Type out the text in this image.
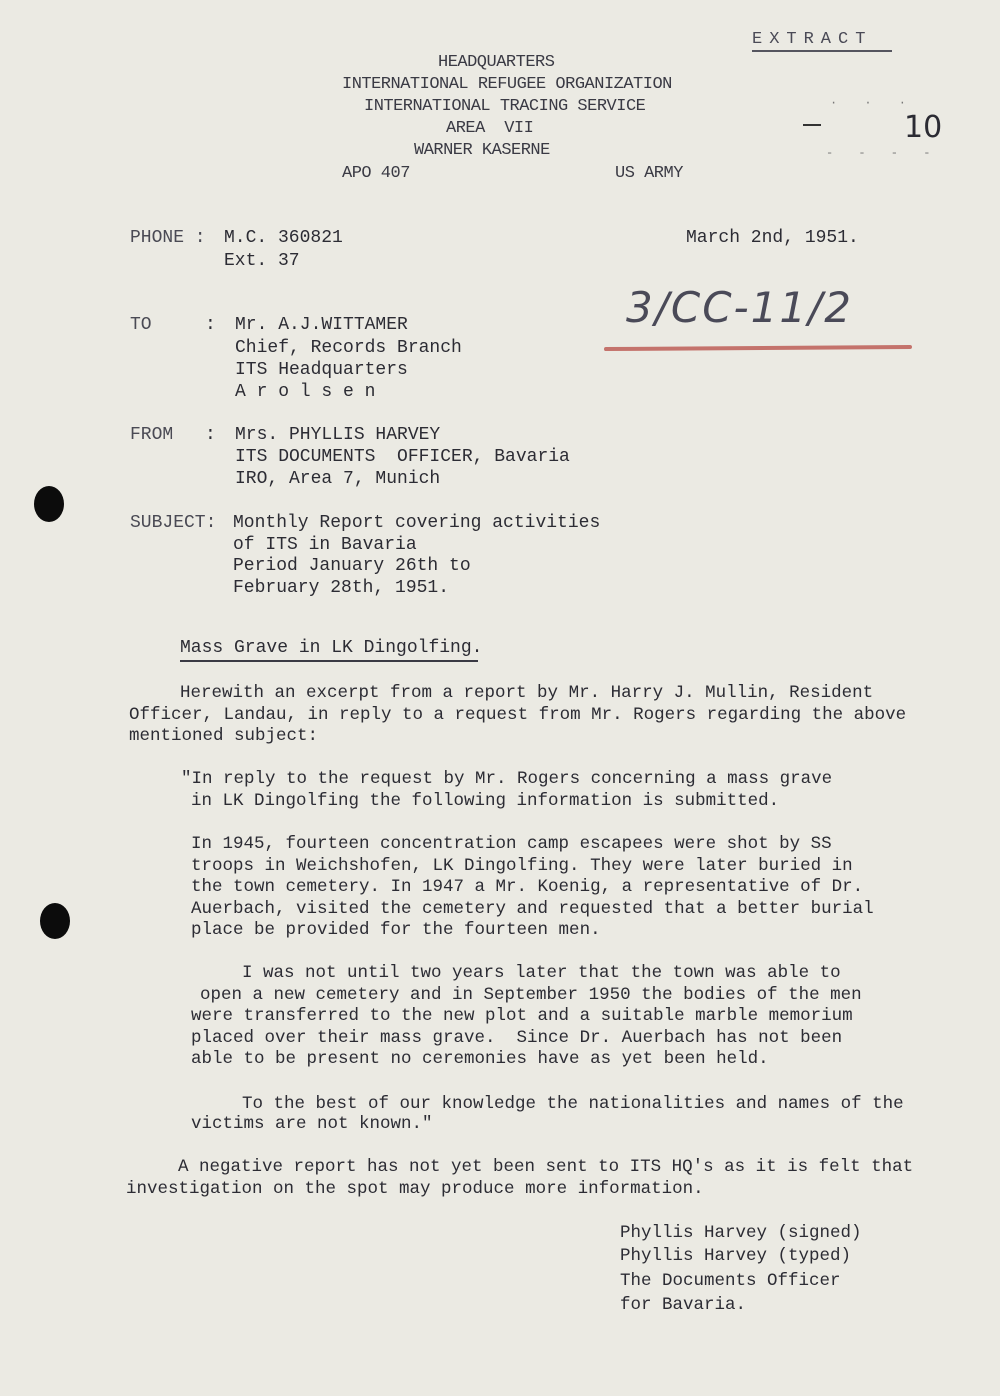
EXTRACT
· · ·
- - - -
10
HEADQUARTERS
INTERNATIONAL REFUGEE ORGANIZATION
INTERNATIONAL TRACING SERVICE
AREA  VII
WARNER KASERNE
APO 407	US ARMY
PHONE : M.C. 360821
Ext. 37
March 2nd, 1951.
3/CC-11/2
TO	: Mr. A.J.WITTAMER
Chief, Records Branch
ITS Headquarters
A r o l s e n
FROM : Mrs. PHYLLIS HARVEY
ITS DOCUMENTS  OFFICER, Bavaria
IRO, Area 7, Munich
SUBJECT: Monthly Report covering activities
of ITS in Bavaria
Period January 26th to
February 28th, 1951.
Mass Grave in LK Dingolfing.
Herewith an excerpt from a report by Mr. Harry J. Mullin, Resident
Officer, Landau, in reply to a request from Mr. Rogers regarding the above
mentioned subject:
"In reply to the request by Mr. Rogers concerning a mass grave
in LK Dingolfing the following information is submitted.
In 1945, fourteen concentration camp escapees were shot by SS
troops in Weichshofen, LK Dingolfing. They were later buried in
the town cemetery. In 1947 a Mr. Koenig, a representative of Dr.
Auerbach, visited the cemetery and requested that a better burial
place be provided for the fourteen men.
I was not until two years later that the town was able to
open a new cemetery and in September 1950 the bodies of the men
were transferred to the new plot and a suitable marble memorium
placed over their mass grave.  Since Dr. Auerbach has not been
able to be present no ceremonies have as yet been held.
To the best of our knowledge the nationalities and names of the
victims are not known."
A negative report has not yet been sent to ITS HQ's as it is felt that
investigation on the spot may produce more information.
Phyllis Harvey (signed)
Phyllis Harvey (typed)
The Documents Officer
for Bavaria.
